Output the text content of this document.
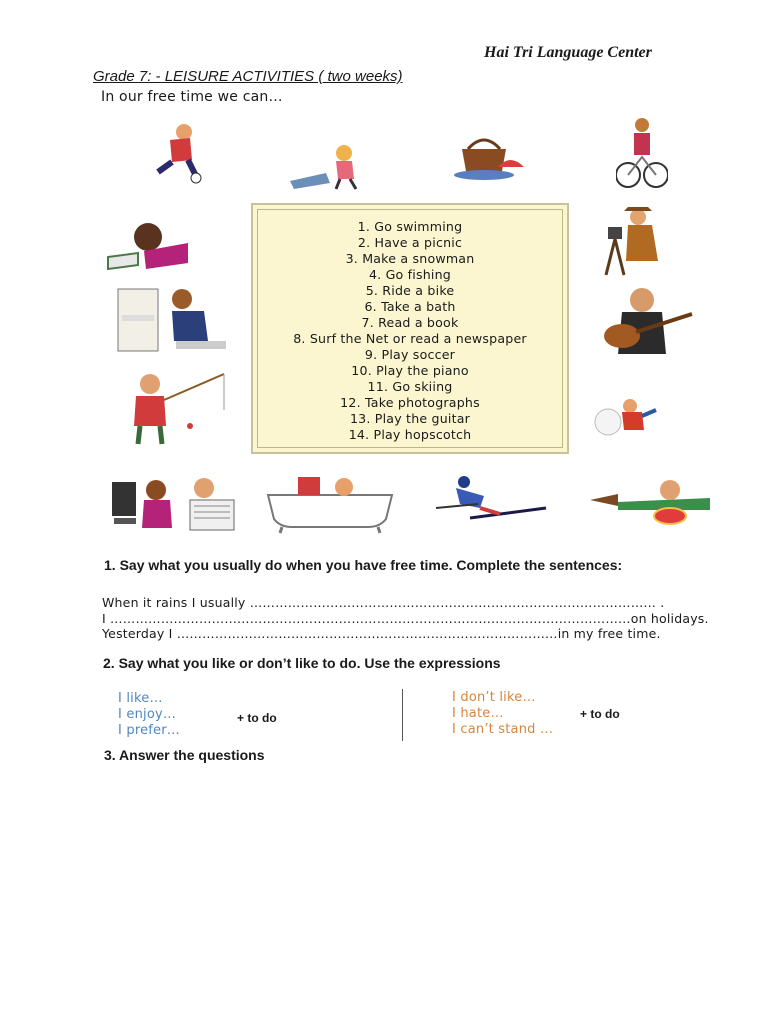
Hai Tri Language Center
Grade 7: - LEISURE ACTIVITIES ( two weeks)
In our free time we can…
1. Go swimming
2. Have a picnic
3. Make a snowman
4. Go fishing
5. Ride a bike
6. Take a bath
7. Read a book
8. Surf the Net or read a newspaper
9. Play soccer
10. Play the piano
11. Go skiing
12. Take photographs
13. Play the guitar
14. Play hopscotch
1. Say what you usually do when you have free time. Complete the sentences:
When it rains I usually …………………………………………………………………………………… .
I ……………………………………………………………………………………………………………on holidays.
Yesterday I ………………………………………………………………………………in my free time.
2. Say what you like or don’t like to do. Use the expressions
I like…
I enjoy…
I prefer…
+ to do
I don’t like…
I hate…
I can’t stand …
+ to do
3. Answer the questions
